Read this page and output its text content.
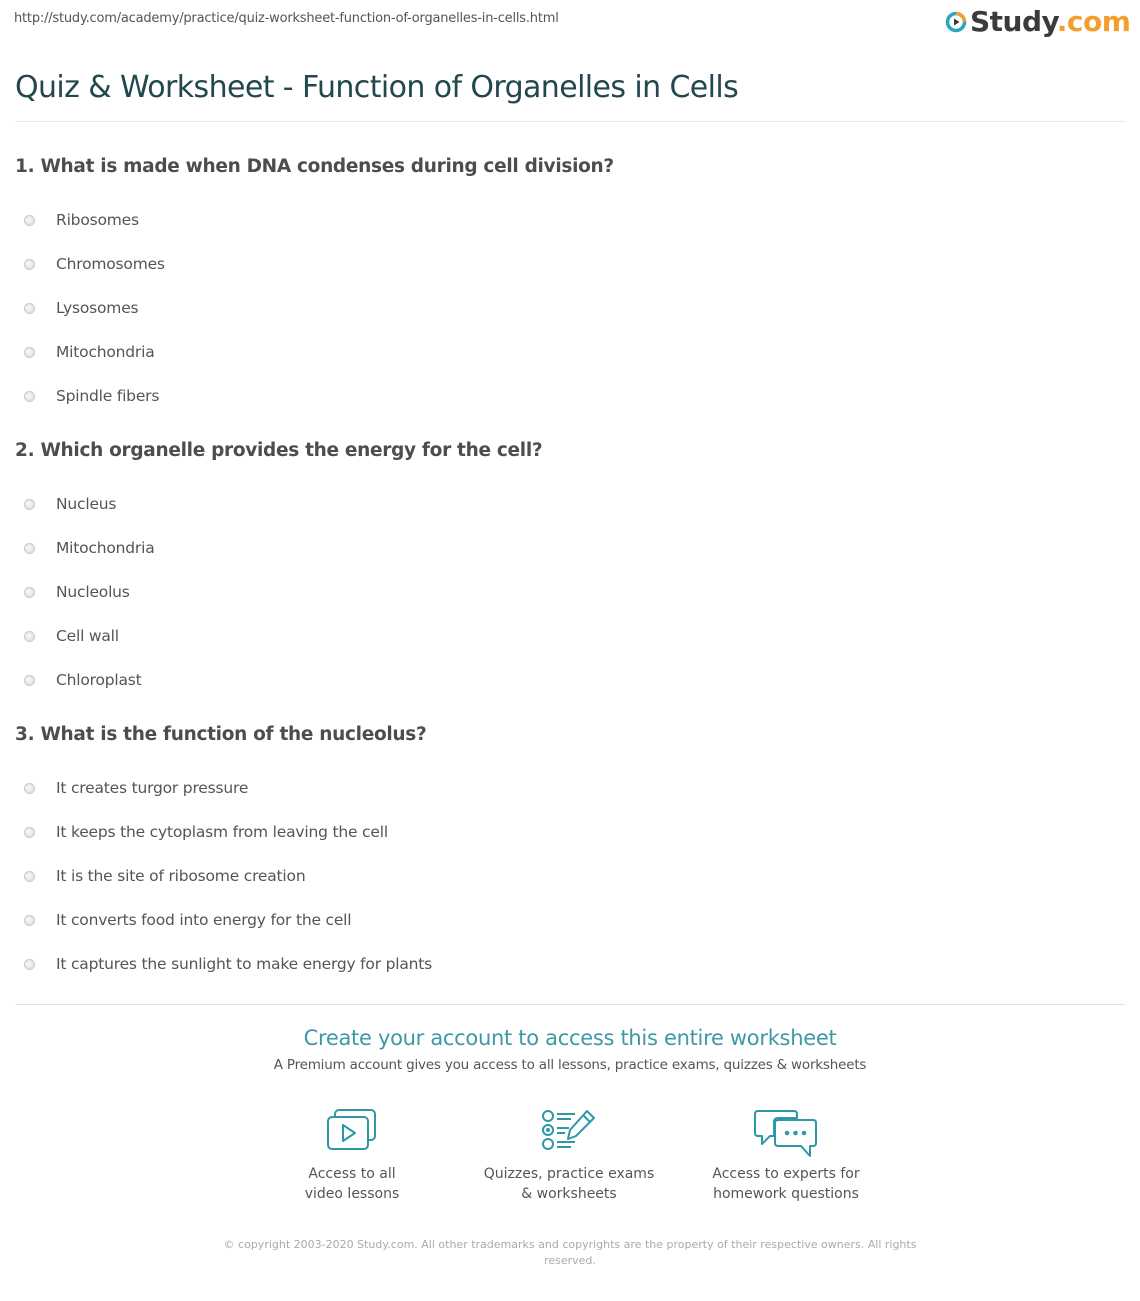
http://study.com/academy/practice/quiz-worksheet-function-of-organelles-in-cells.html	Study.com
Quiz & Worksheet - Function of Organelles in Cells
1. What is made when DNA condenses during cell division?
Ribosomes
Chromosomes
Lysosomes
Mitochondria
Spindle fibers
2. Which organelle provides the energy for the cell?
Nucleus
Mitochondria
Nucleolus
Cell wall
Chloroplast
3. What is the function of the nucleolus?
It creates turgor pressure
It keeps the cytoplasm from leaving the cell
It is the site of ribosome creation
It converts food into energy for the cell
It captures the sunlight to make energy for plants
Create your account to access this entire worksheet
A Premium account gives you access to all lessons, practice exams, quizzes & worksheets
Access to all
video lessons
Quizzes, practice exams
& worksheets
Access to experts for
homework questions
© copyright 2003-2020 Study.com. All other trademarks and copyrights are the property of their respective owners. All rights reserved.
